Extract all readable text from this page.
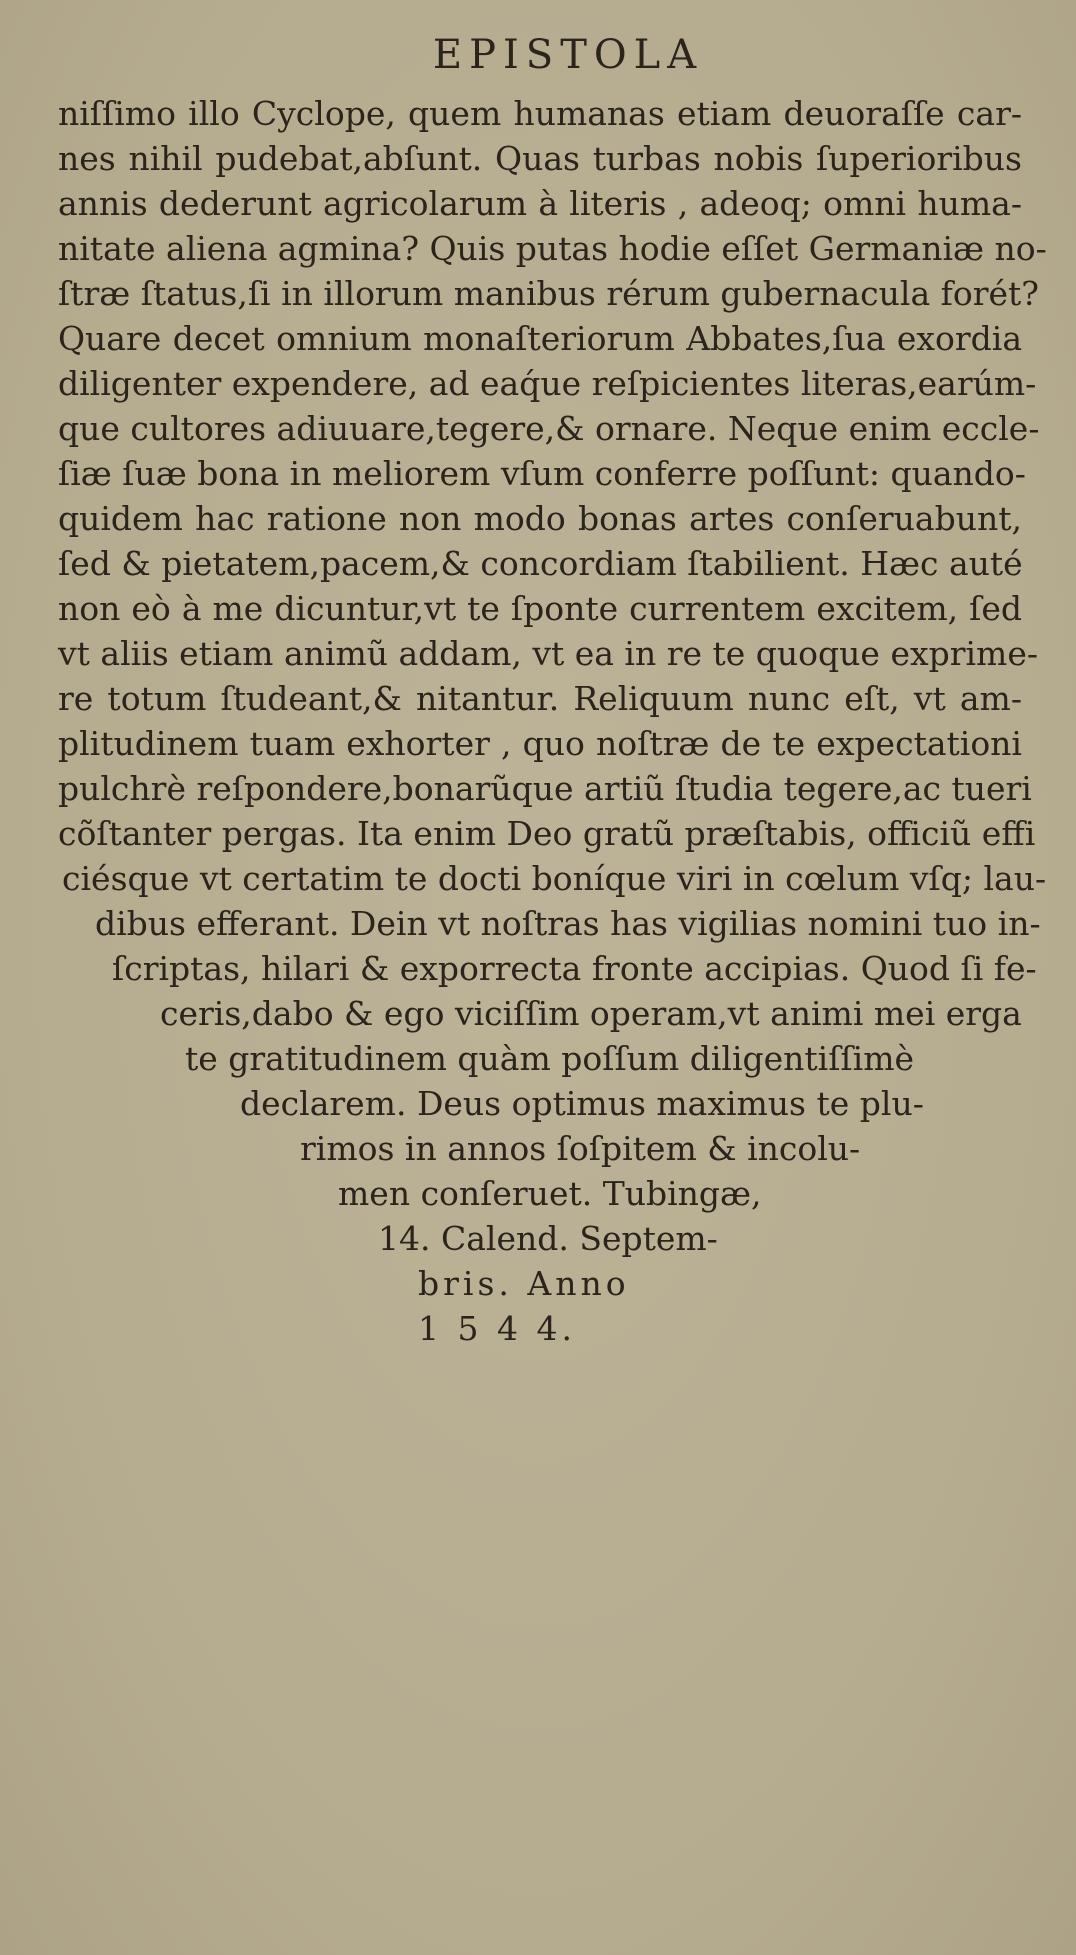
EPISTOLA
niſſimo illo Cyclope, quem humanas etiam deuoraſſe car-
nes nihil pudebat,abſunt. Quas turbas nobis ſuperioribus
annis dederunt agricolarum à literis , adeoq; omni huma-
nitate aliena agmina? Quis putas hodie eſſet Germaniæ no-
ſtræ ſtatus,ſi in illorum manibus rérum gubernacula forét?
Quare decet omnium monaſteriorum Abbates,ſua exordia
diligenter expendere, ad eaq́ue reſpicientes literas,earúm-
que cultores adiuuare,tegere,& ornare. Neque enim eccle-
ſiæ ſuæ bona in meliorem vſum conferre poſſunt: quando-
quidem hac ratione non modo bonas artes conſeruabunt,
ſed & pietatem,pacem,& concordiam ſtabilient. Hæc auté
non eò à me dicuntur,vt te ſponte currentem excitem, ſed
vt aliis etiam animũ addam, vt ea in re te quoque exprime-
re totum ſtudeant,& nitantur. Reliquum nunc eſt, vt am-
plitudinem tuam exhorter , quo noſtræ de te expectationi
pulchrè reſpondere,bonarũque artiũ ſtudia tegere,ac tueri
cõſtanter pergas. Ita enim Deo gratũ præſtabis, officiũ effi
ciésque vt certatim te docti boníque viri in cœlum vſq; lau-
dibus efferant. Dein vt noſtras has vigilias nomini tuo in-
ſcriptas, hilari & exporrecta fronte accipias. Quod ſi fe-
ceris,dabo & ego viciſſim operam,vt animi mei erga
te gratitudinem quàm poſſum diligentiſſimè
declarem. Deus optimus maximus te plu-
rimos in annos ſoſpitem & incolu-
men conſeruet. Tubingæ,
14. Calend. Septem-
bris. Anno
1 5 4 4.
